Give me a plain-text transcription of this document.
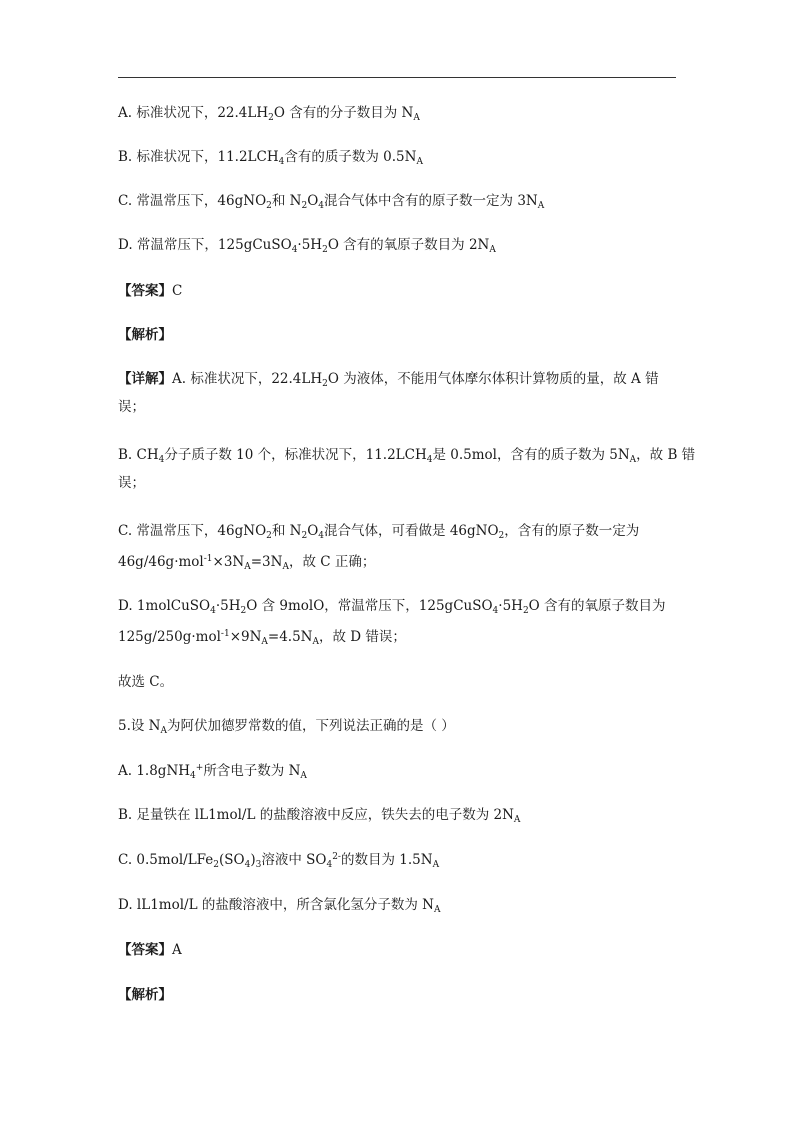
A. 标准状况下，$22.4LH_2O$ 含有的分子数目为 $N_A$
B. 标准状况下，$11.2LCH_4$含有的质子数为 $0.5N_A$
C. 常温常压下，46gNO$_2$和 $N_2O_4$混合气体中含有的原子数一定为 $3N_A$
D. 常温常压下，$125gCuSO_4\cdot 5H_2O$ 含有的氧原子数目为 $2N_A$
【答案】C
【解析】
【详解】A. 标准状况下，$22.4LH_2O$ 为液体，不能用气体摩尔体积计算物质的量，故 A 错
误；
B. $CH_4$分子质子数 10 个，标准状况下，$11.2LCH_4$是 0.5mol，含有的质子数为 $5N_A$，故 B 错
误；
C. 常温常压下，46gNO$_2$和 $N_2O_4$混合气体，可看做是 46gNO$_2$，含有的原子数一定为
$46g/46g\cdot mol^{-1}\times 3N_A=3N_A$，故 C 正确；
D. $1molCuSO_4\cdot 5H_2O$ 含 9molO，常温常压下，$125gCuSO_4\cdot 5H_2O$ 含有的氧原子数目为
$125g/250g\cdot mol^{-1}\times 9N_A=4.5N_A$，故 D 错误；
故选 C。
5.设 $N_A$为阿伏加德罗常数的值，下列说法正确的是（ ）
A. 1.8gNH$_4$+所含电子数为 $N_A$
B. 足量铁在 lL1mol/L 的盐酸溶液中反应，铁失去的电子数为 $2N_A$
C. $0.5mol/LFe_2(SO_4)_3$溶液中 $SO_4^{2-}$的数目为 $1.5N_A$
D. lL1mol/L 的盐酸溶液中，所含氯化氢分子数为 $N_A$
【答案】A
【解析】
